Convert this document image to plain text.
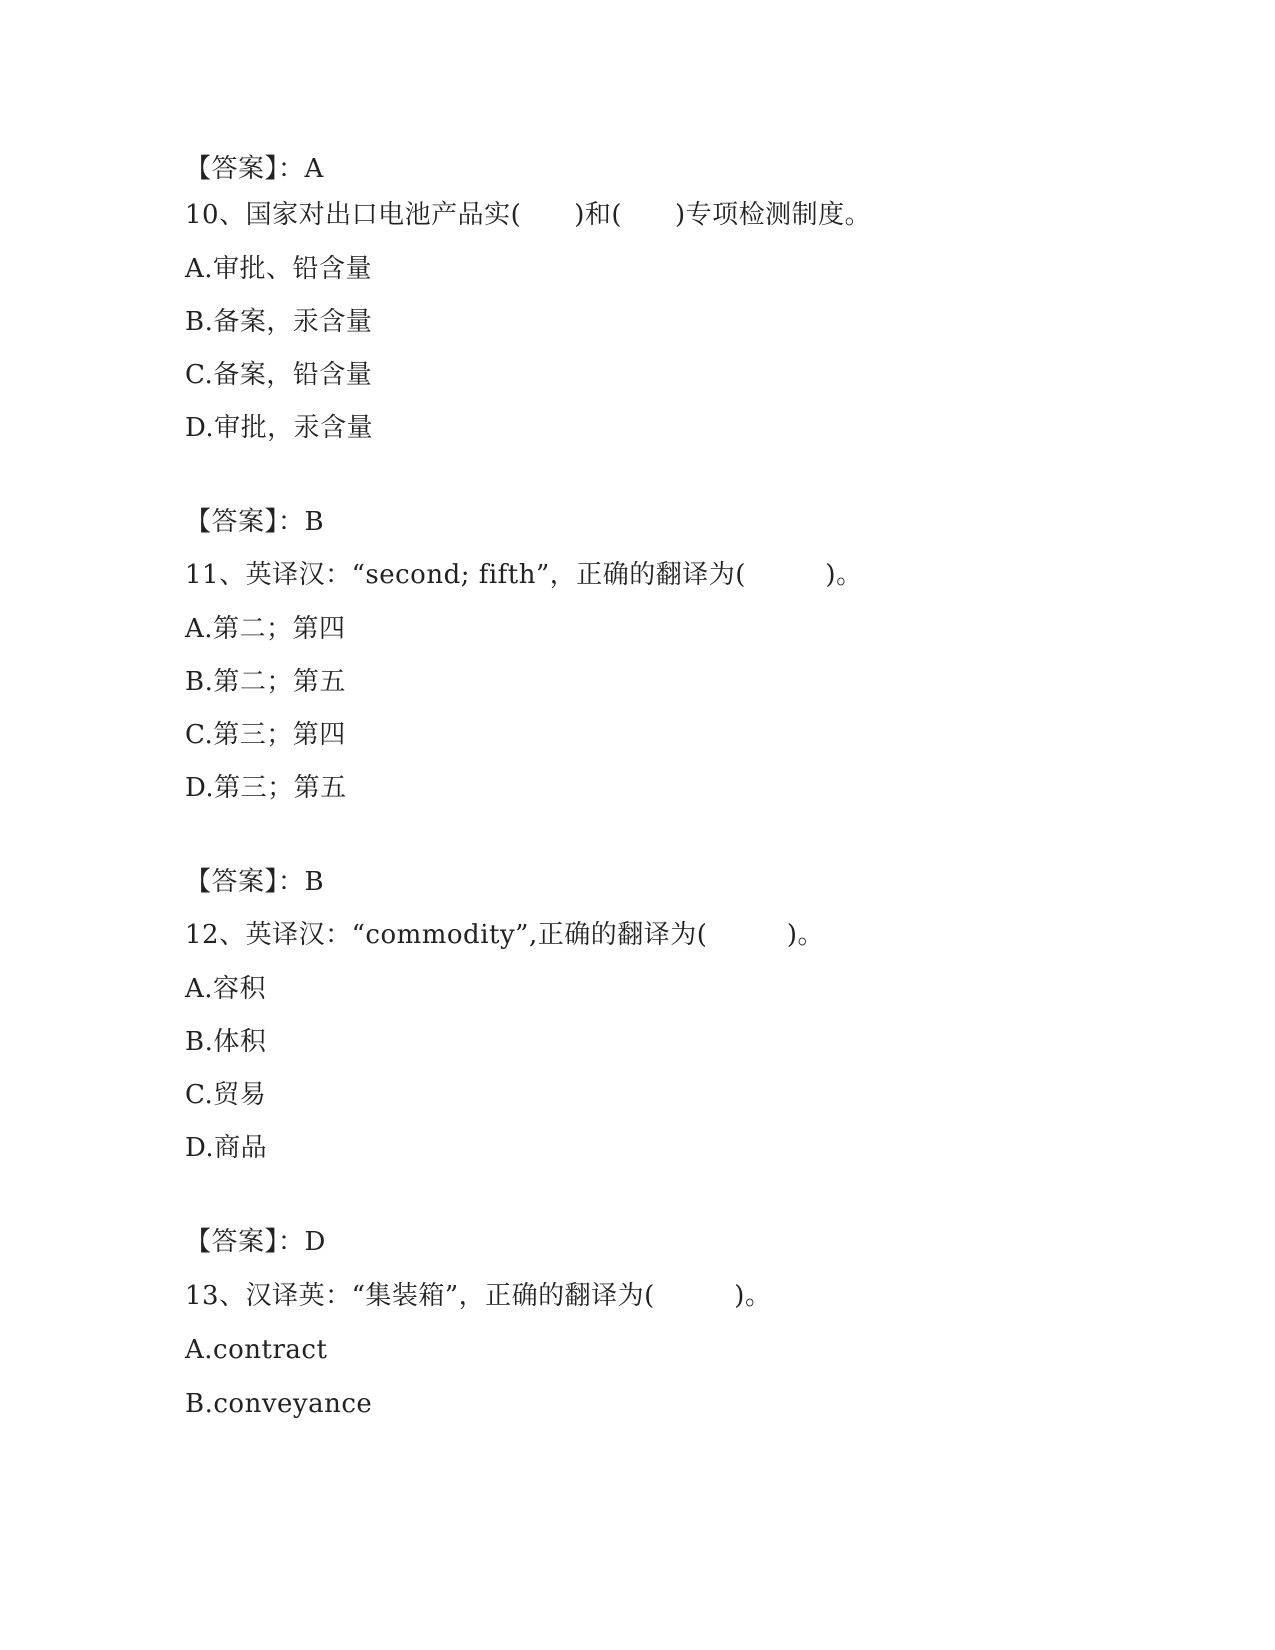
【答案】：A
10、国家对出口电池产品实(　　)和(　　)专项检测制度。
A.审批、铅含量
B.备案，汞含量
C.备案，铅含量
D.审批，汞含量
【答案】：B
11、英译汉：“second; fifth”，正确的翻译为(　　　)。
A.第二；第四
B.第二；第五
C.第三；第四
D.第三；第五
【答案】：B
12、英译汉：“commodity”,正确的翻译为(　　　)。
A.容积
B.体积
C.贸易
D.商品
【答案】：D
13、汉译英：“集装箱”，正确的翻译为(　　　)。
A.contract
B.conveyance
